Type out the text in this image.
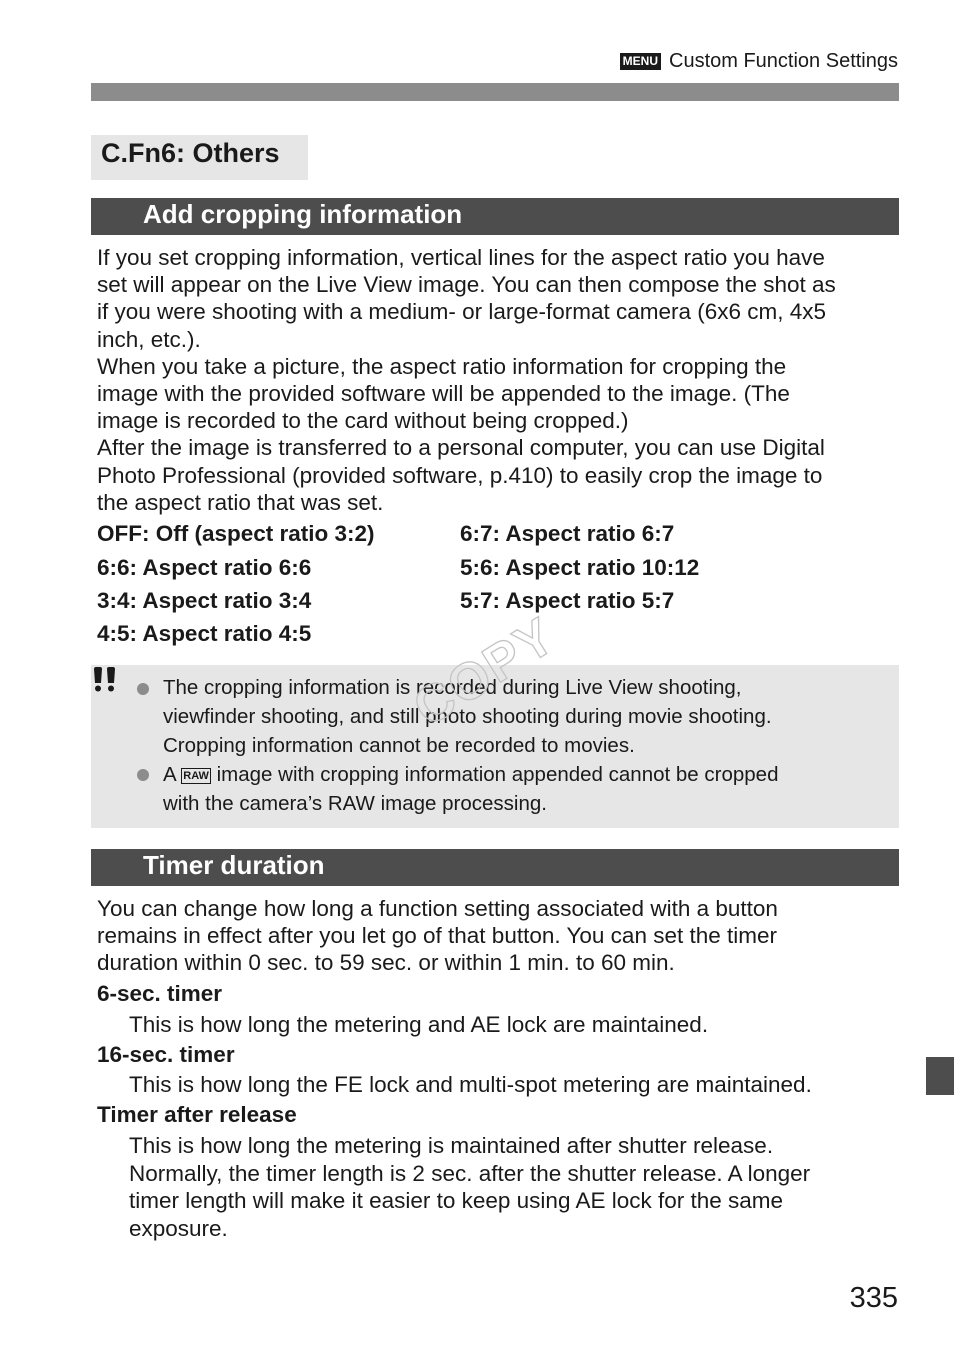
MENU Custom Function Settings
C.Fn6: Others
Add cropping information
If you set cropping information, vertical lines for the aspect ratio you have
set will appear on the Live View image. You can then compose the shot as
if you were shooting with a medium- or large-format camera (6x6 cm, 4x5
inch, etc.).
When you take a picture, the aspect ratio information for cropping the
image with the provided software will be appended to the image. (The
image is recorded to the card without being cropped.)
After the image is transferred to a personal computer, you can use Digital
Photo Professional (provided software, p.410) to easily crop the image to
the aspect ratio that was set.
OFF: Off (aspect ratio 3:2)
6:6: Aspect ratio 6:6
3:4: Aspect ratio 3:4
4:5: Aspect ratio 4:5
6:7: Aspect ratio 6:7
5:6: Aspect ratio 10:12
5:7: Aspect ratio 5:7
The cropping information is recorded during Live View shooting,
viewfinder shooting, and still photo shooting during movie shooting.
Cropping information cannot be recorded to movies.
A RAW image with cropping information appended cannot be cropped
with the camera’s RAW image processing.
COPY
Timer duration
You can change how long a function setting associated with a button
remains in effect after you let go of that button. You can set the timer
duration within 0 sec. to 59 sec. or within 1 min. to 60 min.
6-sec. timer
This is how long the metering and AE lock are maintained.
16-sec. timer
This is how long the FE lock and multi-spot metering are maintained.
Timer after release
This is how long the metering is maintained after shutter release.
Normally, the timer length is 2 sec. after the shutter release. A longer
timer length will make it easier to keep using AE lock for the same
exposure.
335
